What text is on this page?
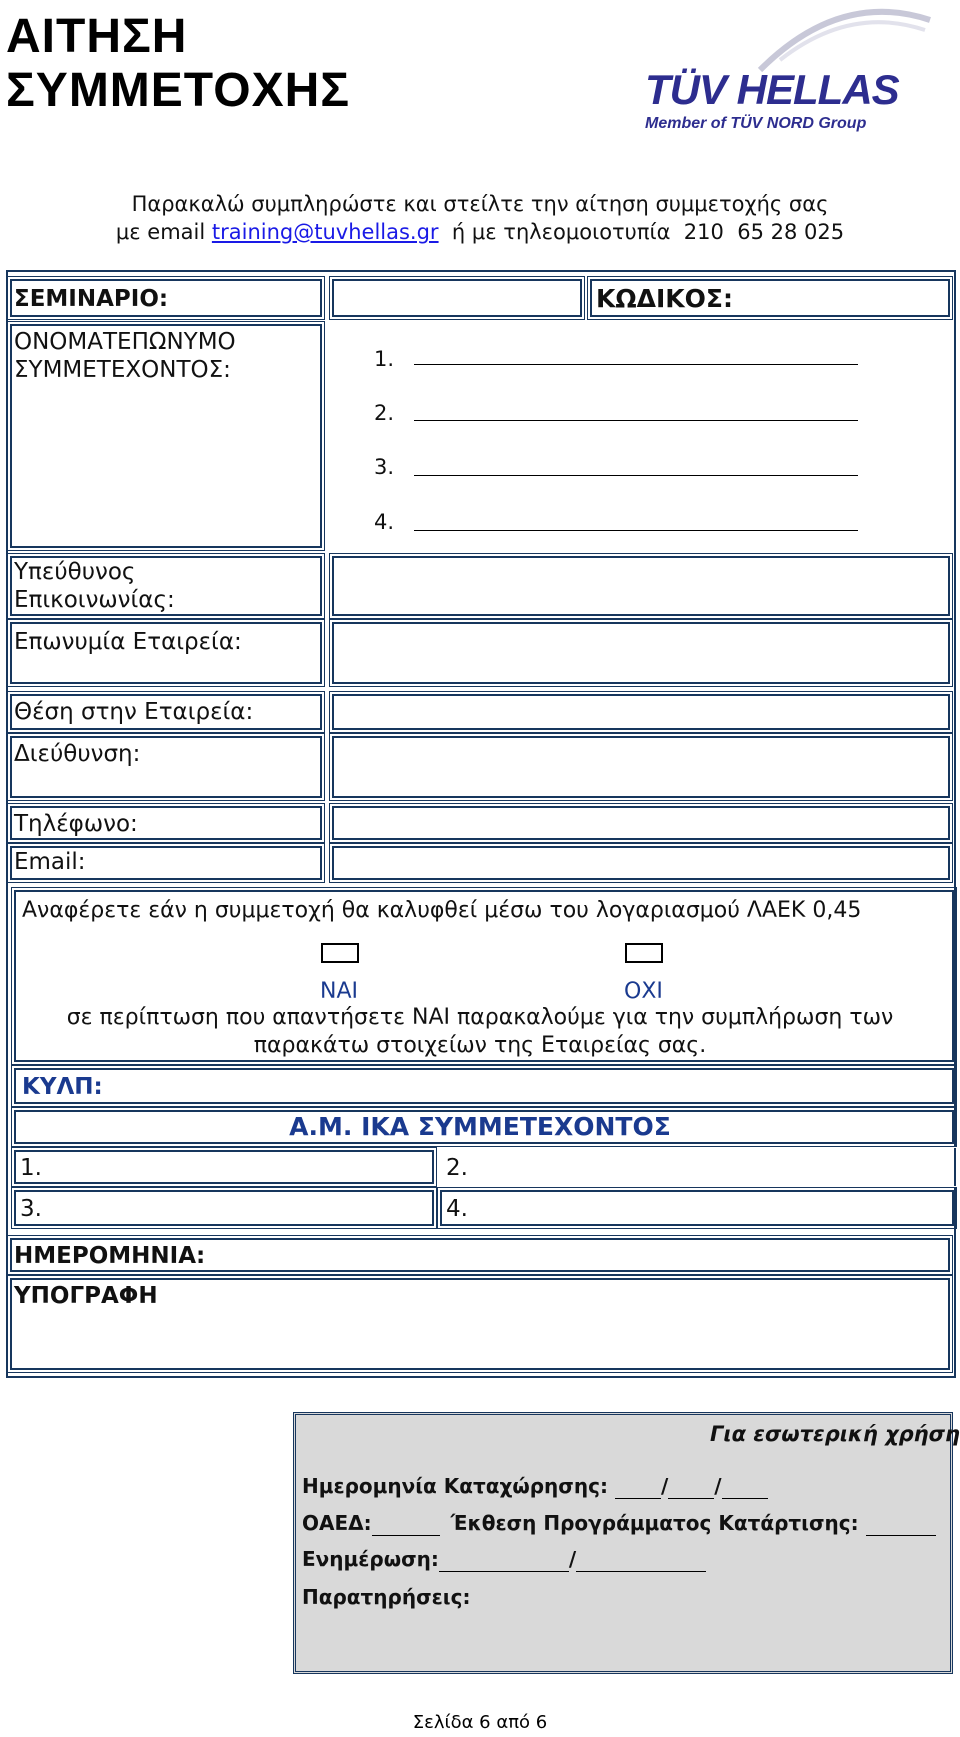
ΑΙΤΗΣΗ
ΣΥΜΜΕΤΟΧΗΣ	TÜV HELLAS
Member of TÜV NORD Group
Παρακαλώ συμπληρώστε και στείλτε την αίτηση συμμετοχής σας
με email training@tuvhellas.gr  ή με τηλεομοιοτυπία  210  65 28 025
ΣΕΜΙΝΑΡΙΟ:	ΚΩΔΙΚΟΣ:
ΟΝΟΜΑΤΕΠΩΝΥΜΟ
ΣΥΜΜΕΤΕΧΟΝΤΟΣ:	1.
2.
3.
4.
Υπεύθυνος
Επικοινωνίας:
Επωνυμία Εταιρεία:
Θέση στην Εταιρεία:
Διεύθυνση:
Τηλέφωνο:
Email:
Αναφέρετε εάν η συμμετοχή θα καλυφθεί μέσω του λογαριασμού ΛΑΕΚ 0,45
ΝΑΙ	ΟΧΙ
σε περίπτωση που απαντήσετε ΝΑΙ παρακαλούμε για την συμπλήρωση των
παρακάτω στοιχείων της Εταιρείας σας.
ΚΥΛΠ:
Α.Μ. ΙΚΑ ΣΥΜΜΕΤΕΧΟΝΤΟΣ
1.	2.
3.	4.
ΗΜΕΡΟΜΗΝΙΑ:
ΥΠΟΓΡΑΦΗ
Για εσωτερική χρήση
Ημερομηνία Καταχώρησης:	/ /
ΟΑΕΔ:	Έκθεση Προγράμματος Κατάρτισης:
Ενημέρωση:	/
Παρατηρήσεις:
Σελίδα 6 από 6
